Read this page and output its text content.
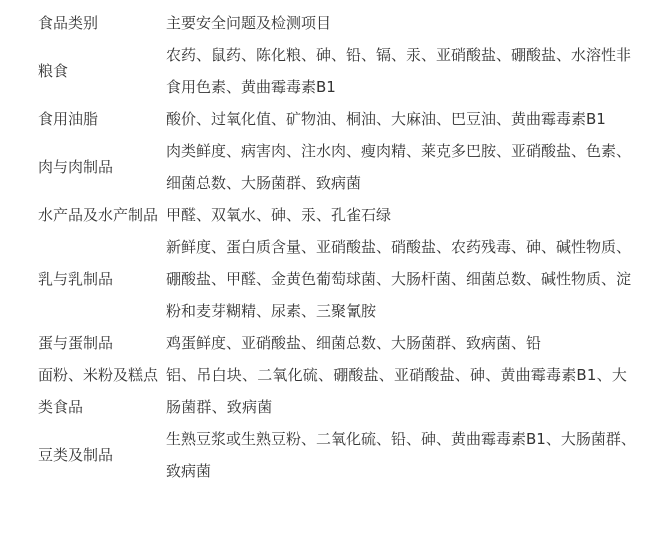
食品类别	主要安全问题及检测项目
粮食	农药、鼠药、陈化粮、砷、铅、镉、汞、亚硝酸盐、硼酸盐、水溶性非食用色素、黄曲霉毒素B1
食用油脂	酸价、过氧化值、矿物油、桐油、大麻油、巴豆油、黄曲霉毒素B1
肉与肉制品	肉类鲜度、病害肉、注水肉、瘦肉精、莱克多巴胺、亚硝酸盐、色素、细菌总数、大肠菌群、致病菌
水产品及水产制品	甲醛、双氧水、砷、汞、孔雀石绿
乳与乳制品	新鲜度、蛋白质含量、亚硝酸盐、硝酸盐、农药残毒、砷、碱性物质、硼酸盐、甲醛、金黄色葡萄球菌、大肠杆菌、细菌总数、碱性物质、淀粉和麦芽糊精、尿素、三聚氰胺
蛋与蛋制品	鸡蛋鲜度、亚硝酸盐、细菌总数、大肠菌群、致病菌、铅
面粉、米粉及糕点类食品	铝、吊白块、二氧化硫、硼酸盐、亚硝酸盐、砷、黄曲霉毒素B1、大肠菌群、致病菌
豆类及制品	生熟豆浆或生熟豆粉、二氧化硫、铅、砷、黄曲霉毒素B1、大肠菌群、致病菌
